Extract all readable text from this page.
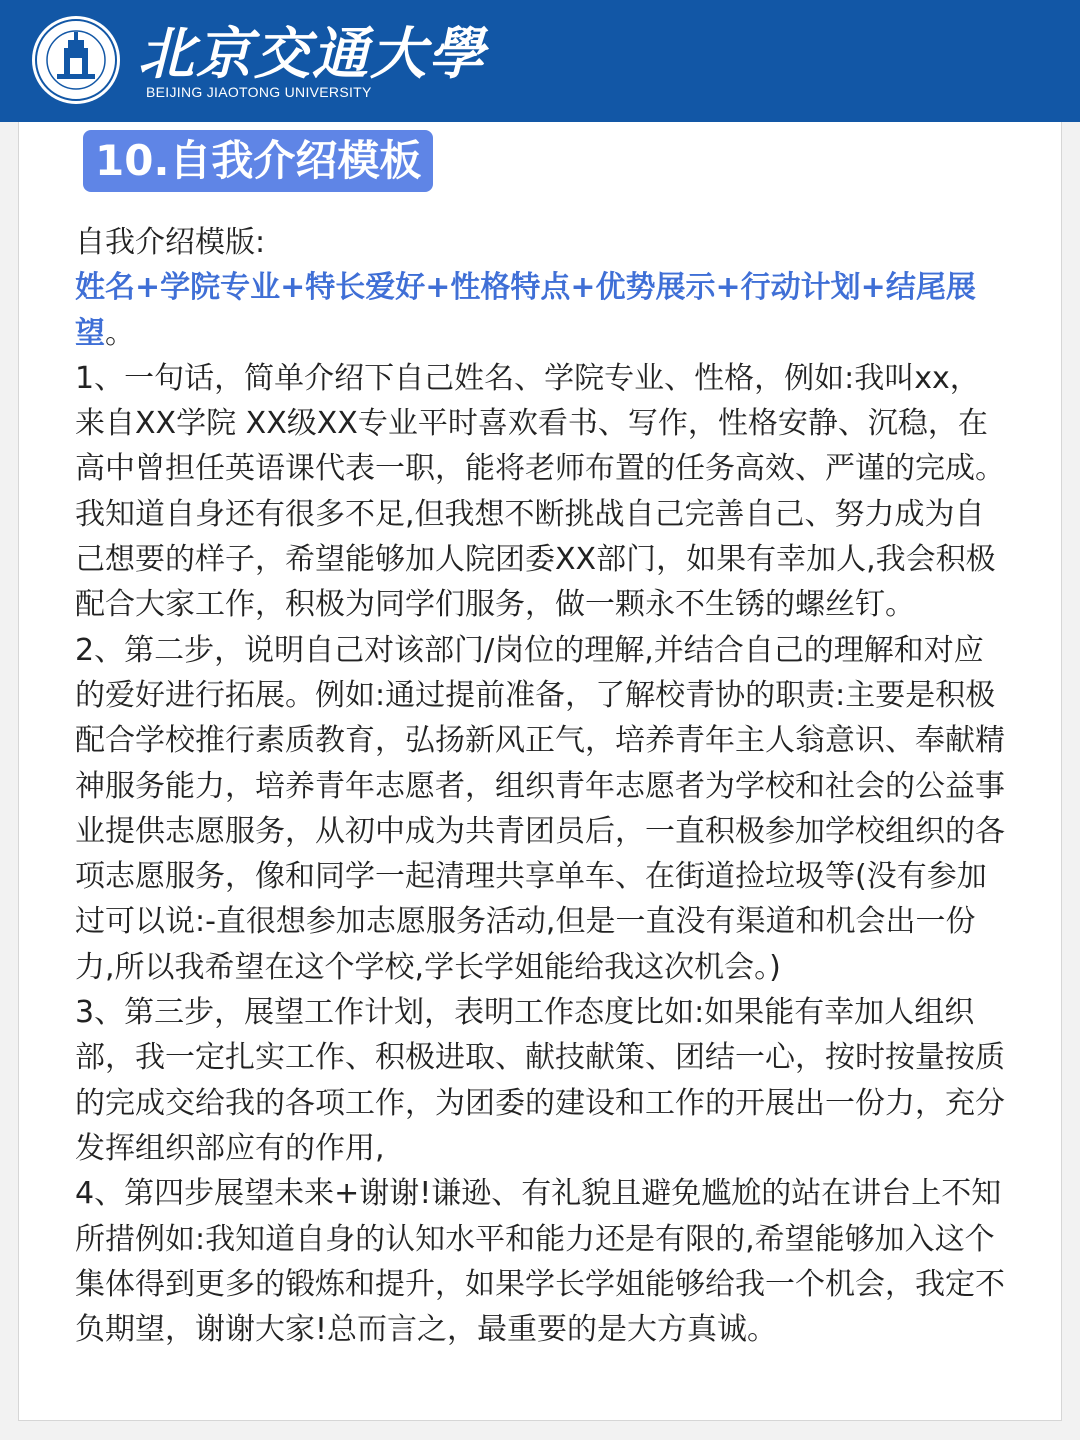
北京交通大學
BEIJING JIAOTONG UNIVERSITY
10.自我介绍模板

自我介绍模版:

姓名+学院专业+特长爱好+性格特点+优势展示+行动计划+结尾展望。

1、一句话，简单介绍下自己姓名、学院专业、性格，例如:我叫xx，来自XX学院 XX级XX专业平时喜欢看书、写作，性格安静、沉稳，在高中曾担任英语课代表一职，能将老师布置的任务高效、严谨的完成。我知道自身还有很多不足,但我想不断挑战自己完善自己、努力成为自己想要的样子，希望能够加人院团委XX部门，如果有幸加人,我会积极配合大家工作，积极为同学们服务，做一颗永不生锈的螺丝钉。

2、第二步，说明自己对该部门/岗位的理解,并结合自己的理解和对应的爱好进行拓展。例如:通过提前准备，了解校青协的职责:主要是积极配合学校推行素质教育，弘扬新风正气，培养青年主人翁意识、奉献精神服务能力，培养青年志愿者，组织青年志愿者为学校和社会的公益事业提供志愿服务，从初中成为共青团员后，一直积极参加学校组织的各项志愿服务，像和同学一起清理共享单车、在街道捡垃圾等(没有参加过可以说:-直很想参加志愿服务活动,但是一直没有渠道和机会出一份力,所以我希望在这个学校,学长学姐能给我这次机会。)

3、第三步，展望工作计划，表明工作态度比如:如果能有幸加人组织部，我一定扎实工作、积极进取、献技献策、团结一心，按时按量按质的完成交给我的各项工作，为团委的建设和工作的开展出一份力，充分发挥组织部应有的作用,

4、第四步展望未来+谢谢!谦逊、有礼貌且避免尴尬的站在讲台上不知所措例如:我知道自身的认知水平和能力还是有限的,希望能够加入这个集体得到更多的锻炼和提升，如果学长学姐能够给我一个机会，我定不负期望，谢谢大家!总而言之，最重要的是大方真诚。
